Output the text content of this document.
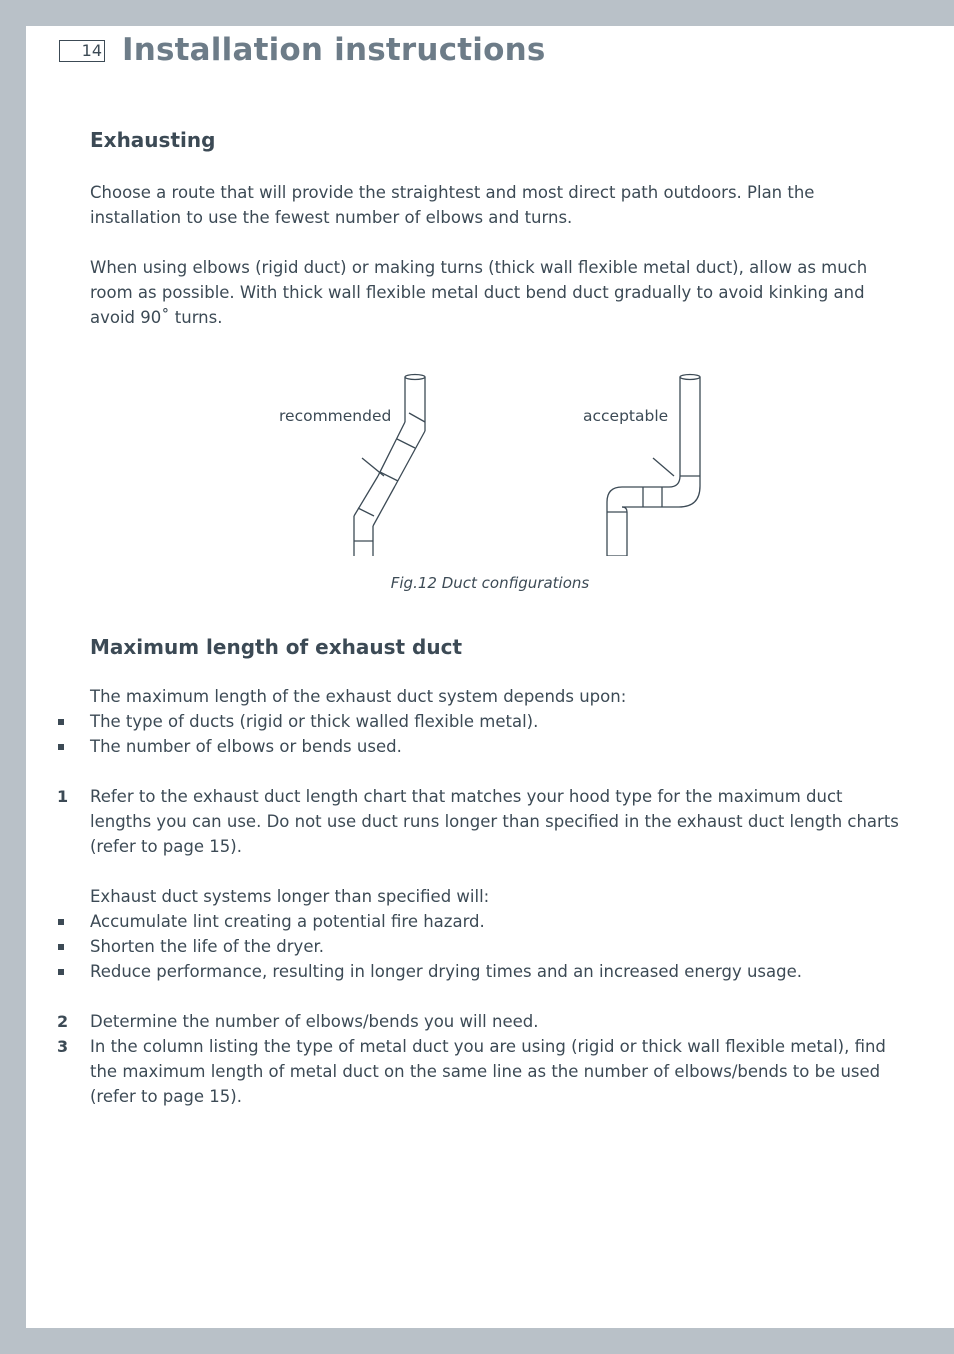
14 Installation instructions
Exhausting

Choose a route that will provide the straightest and most direct path outdoors. Plan the installation to use the fewest number of elbows and turns.

When using elbows (rigid duct) or making turns (thick wall flexible metal duct), allow as much room as possible. With thick wall flexible metal duct bend duct gradually to avoid kinking and avoid 90˚ turns.

recommended	acceptable
Fig.12 Duct configurations
Maximum length of exhaust duct
The maximum length of the exhaust duct system depends upon:
The type of ducts (rigid or thick walled flexible metal).
The number of elbows or bends used.
1 Refer to the exhaust duct length chart that matches your hood type for the maximum duct lengths you can use. Do not use duct runs longer than specified in the exhaust duct length charts (refer to page 15).
Exhaust duct systems longer than specified will:
Accumulate lint creating a potential fire hazard.
Shorten the life of the dryer.
Reduce performance, resulting in longer drying times and an increased energy usage.
2 Determine the number of elbows/bends you will need.
3 In the column listing the type of metal duct you are using (rigid or thick wall flexible metal), find the maximum length of metal duct on the same line as the number of elbows/bends to be used (refer to page 15).
